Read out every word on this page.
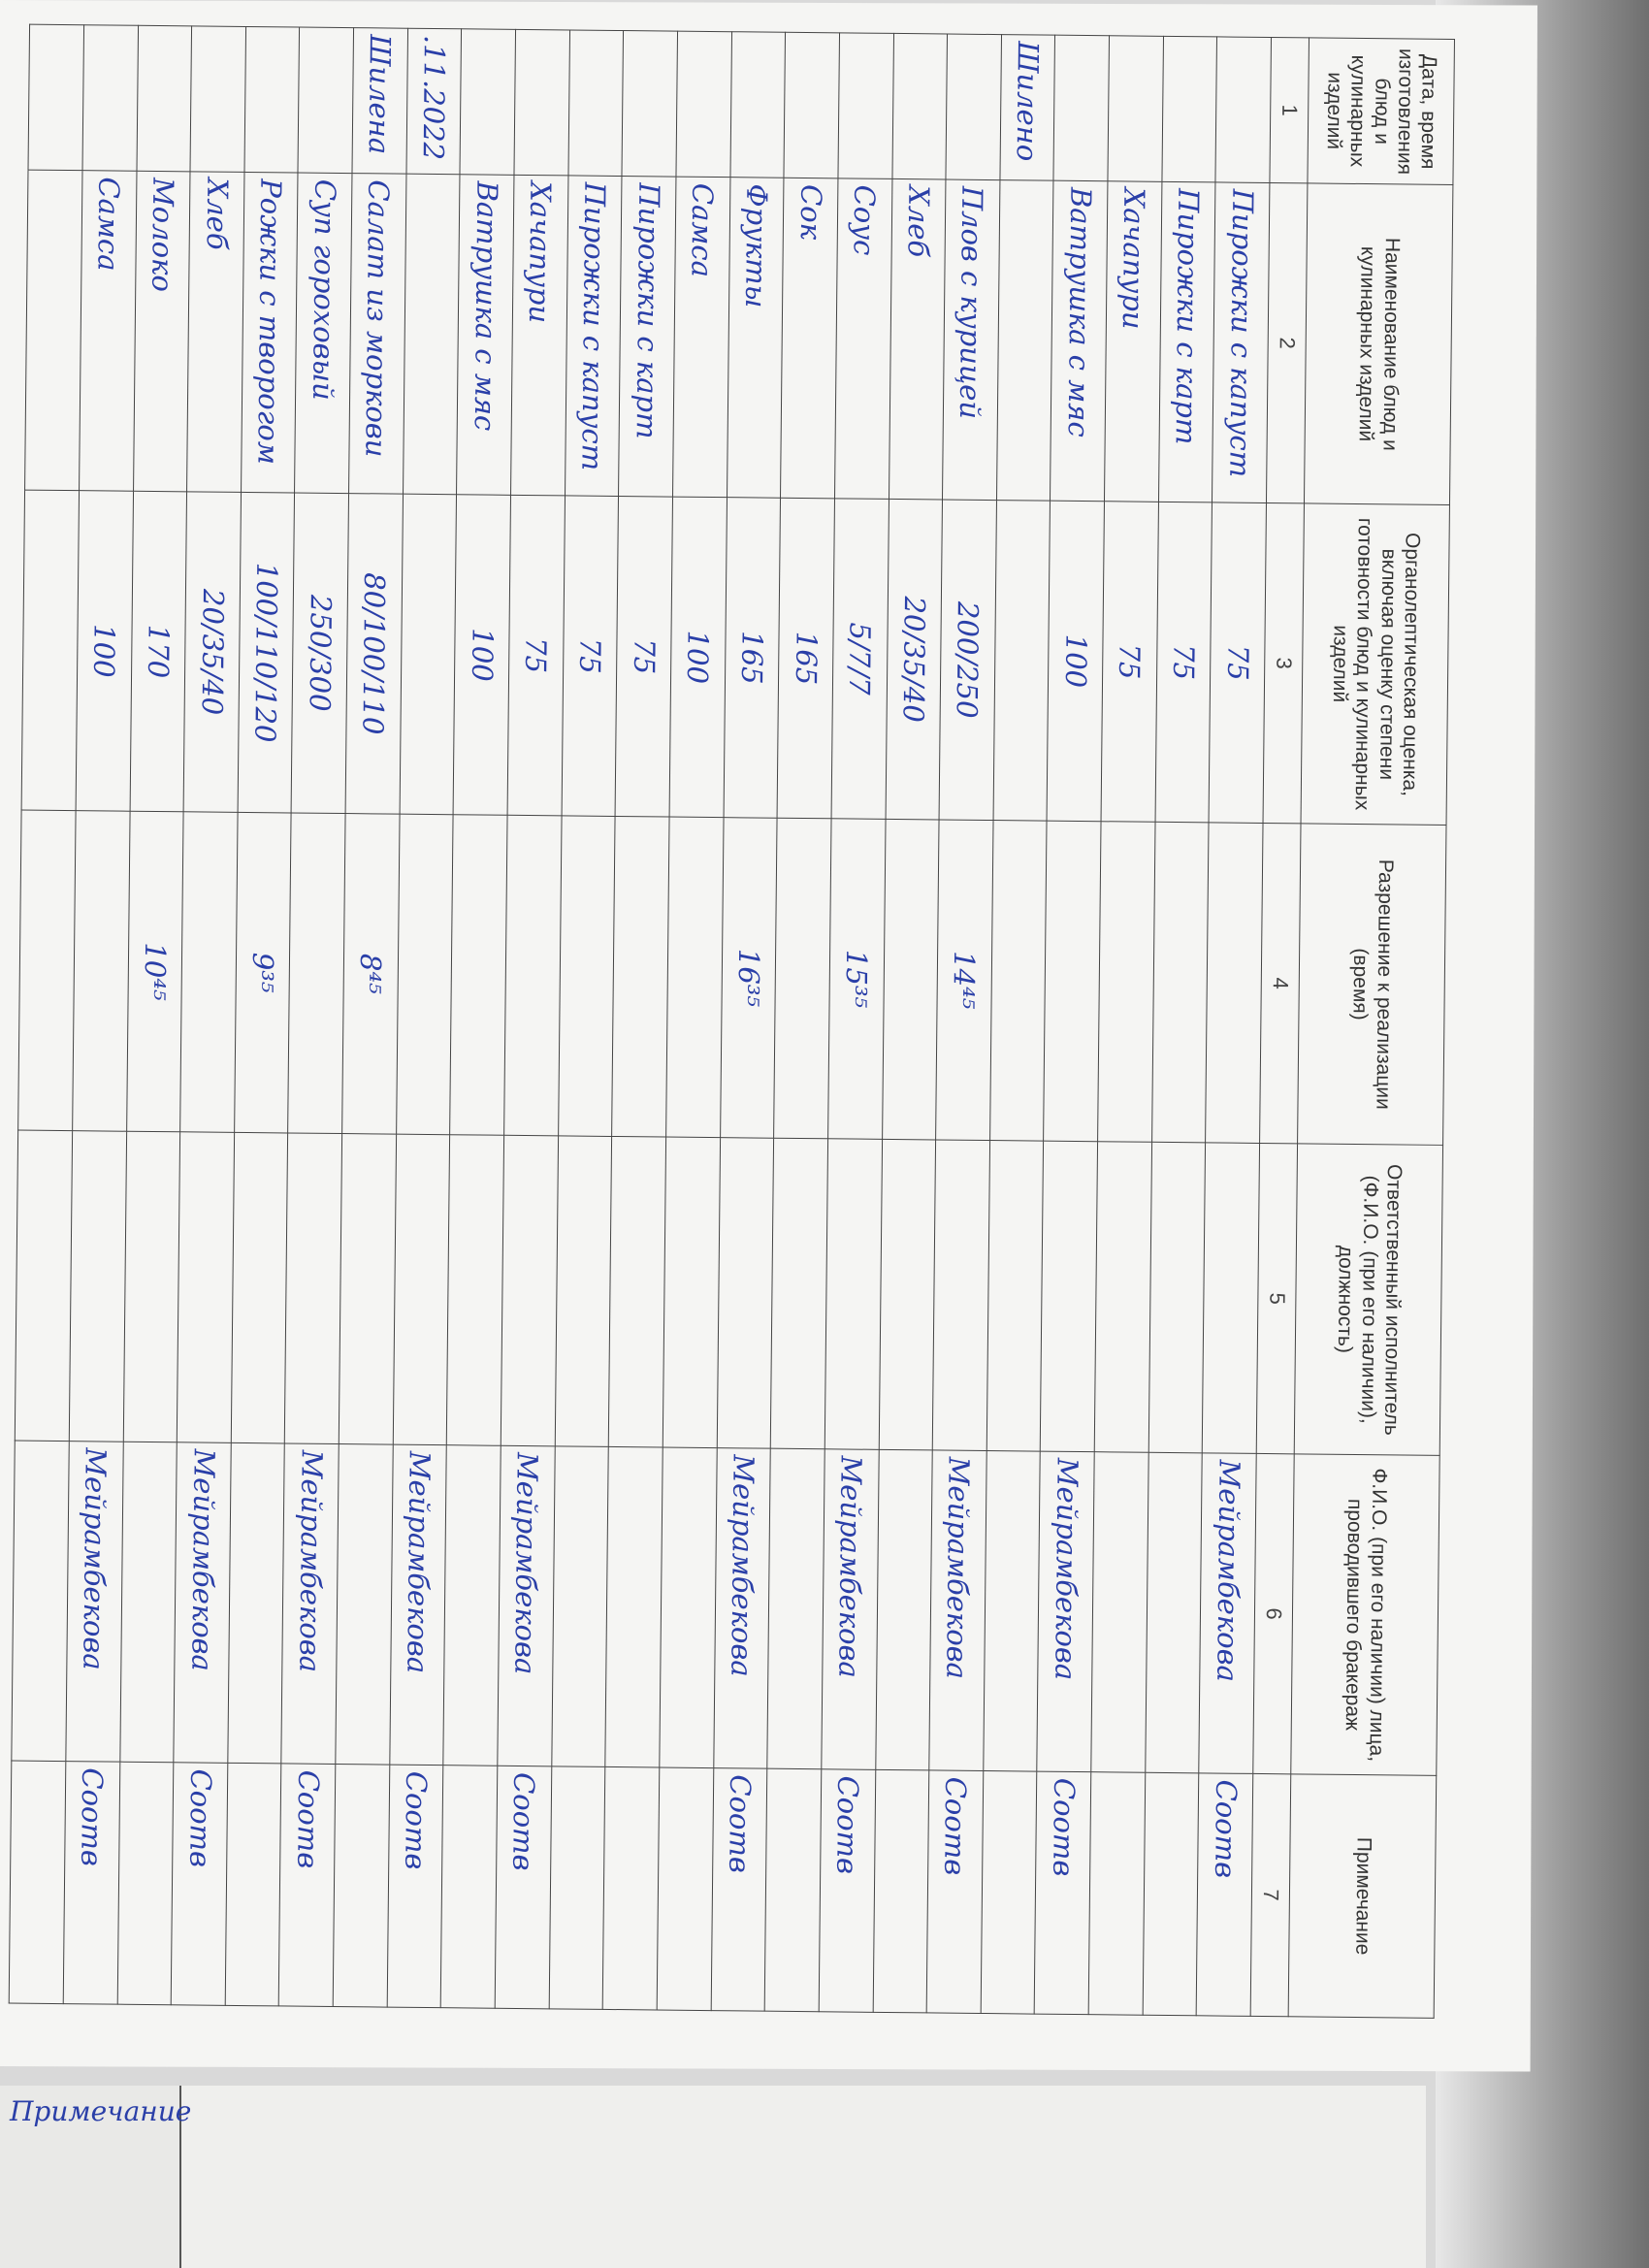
Дата, время изготовления блюд и кулинарных изделий	Наименование блюд и кулинарных изделий	Органолептическая оценка, включая оценку степени готовности блюд и кулинарных изделий	Разрешение к реализации (время)	Ответственный исполнитель (Ф.И.О. (при его наличии), должность)	Ф.И.О. (при его наличии) лица, проводившего бракераж	Примечание
1	2	3	4	5	6	7
	Пирожки с капуст	75			Мейрамбекова	Соотв
	Пирожки с карт	75				
	Хачапури	75				
	Ватрушка с мяс	100			Мейрамбекова	Соотв
Шилено						
	Плов с курицей	200/250	14⁴⁵		Мейрамбекова	Соотв
	Хлеб	20/35/40				
	Соус	5/7/7	15³⁵		Мейрамбекова	Соотв
	Сок	165				
	Фрукты	165	16³⁵		Мейрамбекова	Соотв
	Самса	100				
	Пирожки с карт	75				
	Пирожки с капуст	75				
	Хачапури	75			Мейрамбекова	Соотв
	Ватрушка с мяс	100				
.11.2022					Мейрамбекова	Соотв
Шилена	Салат из моркови	80/100/110	8⁴⁵			
	Суп гороховый	250/300			Мейрамбекова	Соотв
	Рожки с творогом	100/110/120	9³⁵			
	Хлеб	20/35/40			Мейрамбекова	Соотв
	Молоко	170	10⁴⁵			
	Самса	100			Мейрамбекова	Соотв

Примечание
